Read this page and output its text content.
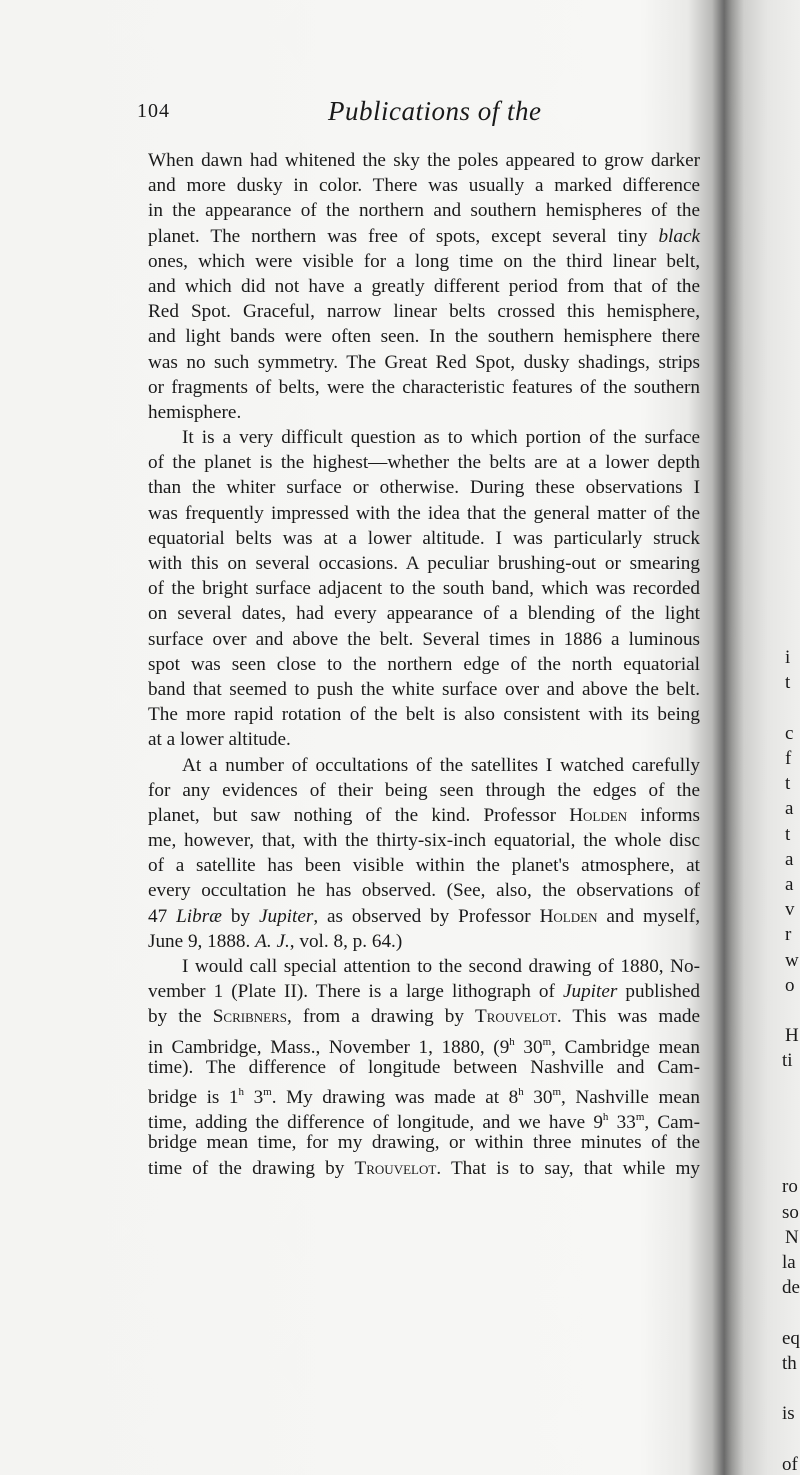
104	Publications of the
When dawn had whitened the sky the poles appeared to grow darker
and more dusky in color. There was usually a marked difference
in the appearance of the northern and southern hemispheres of the
planet. The northern was free of spots, except several tiny black
ones, which were visible for a long time on the third linear belt,
and which did not have a greatly different period from that of the
Red Spot. Graceful, narrow linear belts crossed this hemisphere,
and light bands were often seen. In the southern hemisphere there
was no such symmetry. The Great Red Spot, dusky shadings, strips
or fragments of belts, were the characteristic features of the southern
hemisphere.
It is a very difficult question as to which portion of the surface
of the planet is the highest—whether the belts are at a lower depth
than the whiter surface or otherwise. During these observations I
was frequently impressed with the idea that the general matter of the
equatorial belts was at a lower altitude. I was particularly struck
with this on several occasions. A peculiar brushing-out or smearing
of the bright surface adjacent to the south band, which was recorded
on several dates, had every appearance of a blending of the light
surface over and above the belt. Several times in 1886 a luminous
spot was seen close to the northern edge of the north equatorial
band that seemed to push the white surface over and above the belt.
The more rapid rotation of the belt is also consistent with its being
at a lower altitude.
At a number of occultations of the satellites I watched carefully
for any evidences of their being seen through the edges of the
planet, but saw nothing of the kind. Professor Holden informs
me, however, that, with the thirty-six-inch equatorial, the whole disc
of a satellite has been visible within the planet's atmosphere, at
every occultation he has observed. (See, also, the observations of
47 Libræ by Jupiter, as observed by Professor Holden and myself,
June 9, 1888. A. J., vol. 8, p. 64.)
I would call special attention to the second drawing of 1880, No-
vember 1 (Plate II). There is a large lithograph of Jupiter published
by the Scribners, from a drawing by Trouvelot. This was made
in Cambridge, Mass., November 1, 1880, (9$^h$ 30$^m$, Cambridge mean
time). The difference of longitude between Nashville and Cam-
bridge is 1$^h$ 3$^m$. My drawing was made at 8$^h$ 30$^m$, Nashville mean
time, adding the difference of longitude, and we have 9$^h$ 33$^m$, Cam-
bridge mean time, for my drawing, or within three minutes of the
time of the drawing by Trouvelot. That is to say, that while my
i
t
c
f
t
a
t
a
a
v
r
w
o
H
ti
ro
so
N
la
de
eq
th
is
of
